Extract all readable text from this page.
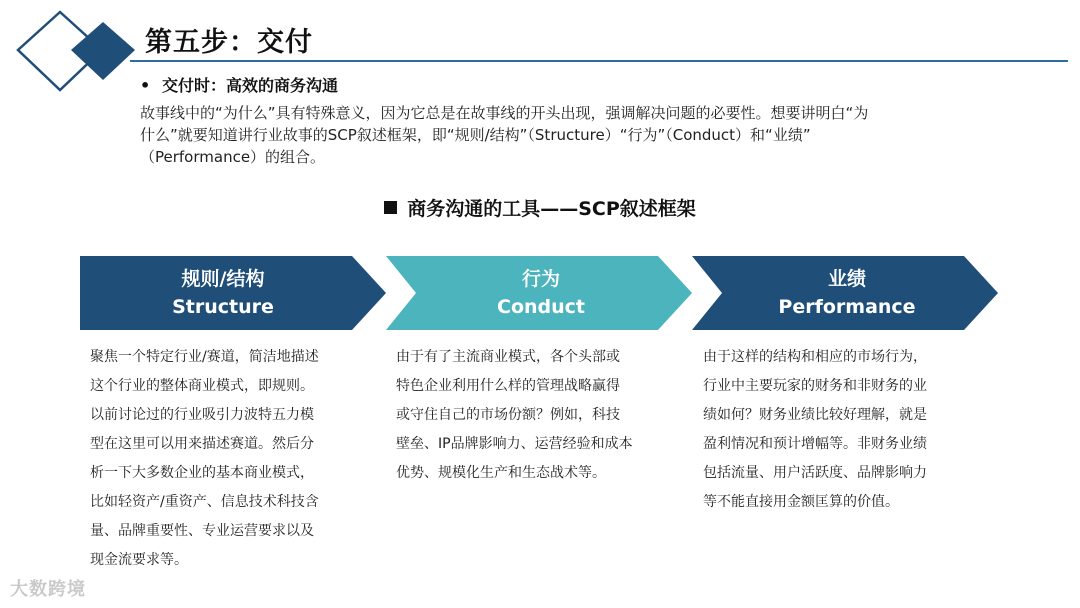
第五步：交付
• 交付时：高效的商务沟通
故事线中的“为什么”具有特殊意义，因为它总是在故事线的开头出现，强调解决问题的必要性。想要讲明白“为
什么”就要知道讲行业故事的SCP叙述框架，即“规则/结构”（Structure）“行为”（Conduct）和“业绩”
（Performance）的组合。
商务沟通的工具——SCP叙述框架
规则/结构
Structure
行为
Conduct
业绩
Performance
聚焦一个特定行业/赛道，简洁地描述
这个行业的整体商业模式，即规则。
以前讨论过的行业吸引力波特五力模
型在这里可以用来描述赛道。然后分
析一下大多数企业的基本商业模式，
比如轻资产/重资产、信息技术科技含
量、品牌重要性、专业运营要求以及
现金流要求等。
由于有了主流商业模式，各个头部或
特色企业利用什么样的管理战略赢得
或守住自己的市场份额？例如，科技
壁垒、IP品牌影响力、运营经验和成本
优势、规模化生产和生态战术等。
由于这样的结构和相应的市场行为，
行业中主要玩家的财务和非财务的业
绩如何？财务业绩比较好理解，就是
盈利情况和预计增幅等。非财务业绩
包括流量、用户活跃度、品牌影响力
等不能直接用金额匡算的价值。
大数跨境
